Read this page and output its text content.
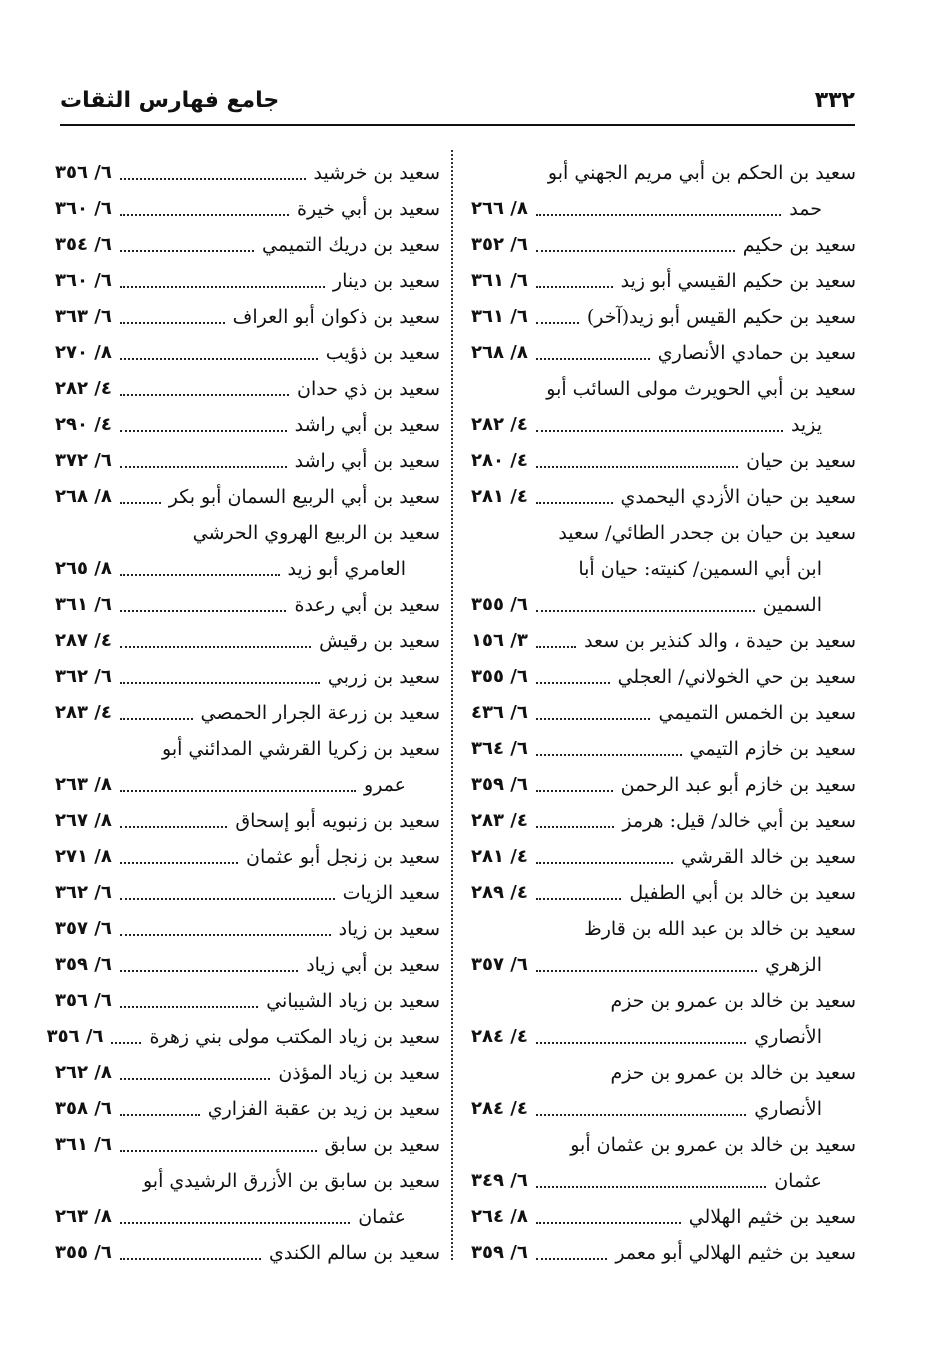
٣٣٢
جامع فهارس الثقات
سعيد بن الحكم بن أبي مريم الجهني أبو
حمد
٨/ ٢٦٦
سعيد بن حكيم
٦/ ٣٥٢
سعيد بن حكيم القيسي أبو زيد
٦/ ٣٦١
سعيد بن حكيم القيس أبو زيد(آخر)
٦/ ٣٦١
سعيد بن حمادي الأنصاري
٨/ ٢٦٨
سعيد بن أبي الحويرث مولى السائب أبو
يزيد
٤/ ٢٨٢
سعيد بن حيان
٤/ ٢٨٠
سعيد بن حيان الأزدي اليحمدي
٤/ ٢٨١
سعيد بن حيان بن جحدر الطائي/ سعيد
ابن أبي السمين/ كنيته: حيان أبا
السمين
٦/ ٣٥٥
سعيد بن حيدة ، والد كنذير بن سعد
٣/ ١٥٦
سعيد بن حي الخولاني/ العجلي
٦/ ٣٥٥
سعيد بن الخمس التميمي
٦/ ٤٣٦
سعيد بن خازم التيمي
٦/ ٣٦٤
سعيد بن خازم أبو عبد الرحمن
٦/ ٣٥٩
سعيد بن أبي خالد/ قيل: هرمز
٤/ ٢٨٣
سعيد بن خالد القرشي
٤/ ٢٨١
سعيد بن خالد بن أبي الطفيل
٤/ ٢٨٩
سعيد بن خالد بن عبد الله بن قارظ
الزهري
٦/ ٣٥٧
سعيد بن خالد بن عمرو بن حزم
الأنصاري
٤/ ٢٨٤
سعيد بن خالد بن عمرو بن حزم
الأنصاري
٤/ ٢٨٤
سعيد بن خالد بن عمرو بن عثمان أبو
عثمان
٦/ ٣٤٩
سعيد بن خثيم الهلالي
٨/ ٢٦٤
سعيد بن خثيم الهلالي أبو معمر
٦/ ٣٥٩
سعيد بن خرشيد
٦/ ٣٥٦
سعيد بن أبي خيرة
٦/ ٣٦٠
سعيد بن دريك التميمي
٦/ ٣٥٤
سعيد بن دينار
٦/ ٣٦٠
سعيد بن ذكوان أبو العراف
٦/ ٣٦٣
سعيد بن ذؤيب
٨/ ٢٧٠
سعيد بن ذي حدان
٤/ ٢٨٢
سعيد بن أبي راشد
٤/ ٢٩٠
سعيد بن أبي راشد
٦/ ٣٧٢
سعيد بن أبي الربيع السمان أبو بكر
٨/ ٢٦٨
سعيد بن الربيع الهروي الحرشي
العامري أبو زيد
٨/ ٢٦٥
سعيد بن أبي رعدة
٦/ ٣٦١
سعيد بن رقيش
٤/ ٢٨٧
سعيد بن زربي
٦/ ٣٦٢
سعيد بن زرعة الجرار الحمصي
٤/ ٢٨٣
سعيد بن زكريا القرشي المدائني أبو
عمرو
٨/ ٢٦٣
سعيد بن زنبويه أبو إسحاق
٨/ ٢٦٧
سعيد بن زنجل أبو عثمان
٨/ ٢٧١
سعيد الزيات
٦/ ٣٦٢
سعيد بن زياد
٦/ ٣٥٧
سعيد بن أبي زياد
٦/ ٣٥٩
سعيد بن زياد الشيباني
٦/ ٣٥٦
سعيد بن زياد المكتب مولى بني زهرة
٦/ ٣٥٦
سعيد بن زياد المؤذن
٨/ ٢٦٢
سعيد بن زيد بن عقبة الفزاري
٦/ ٣٥٨
سعيد بن سابق
٦/ ٣٦١
سعيد بن سابق بن الأزرق الرشيدي أبو
عثمان
٨/ ٢٦٣
سعيد بن سالم الكندي
٦/ ٣٥٥
